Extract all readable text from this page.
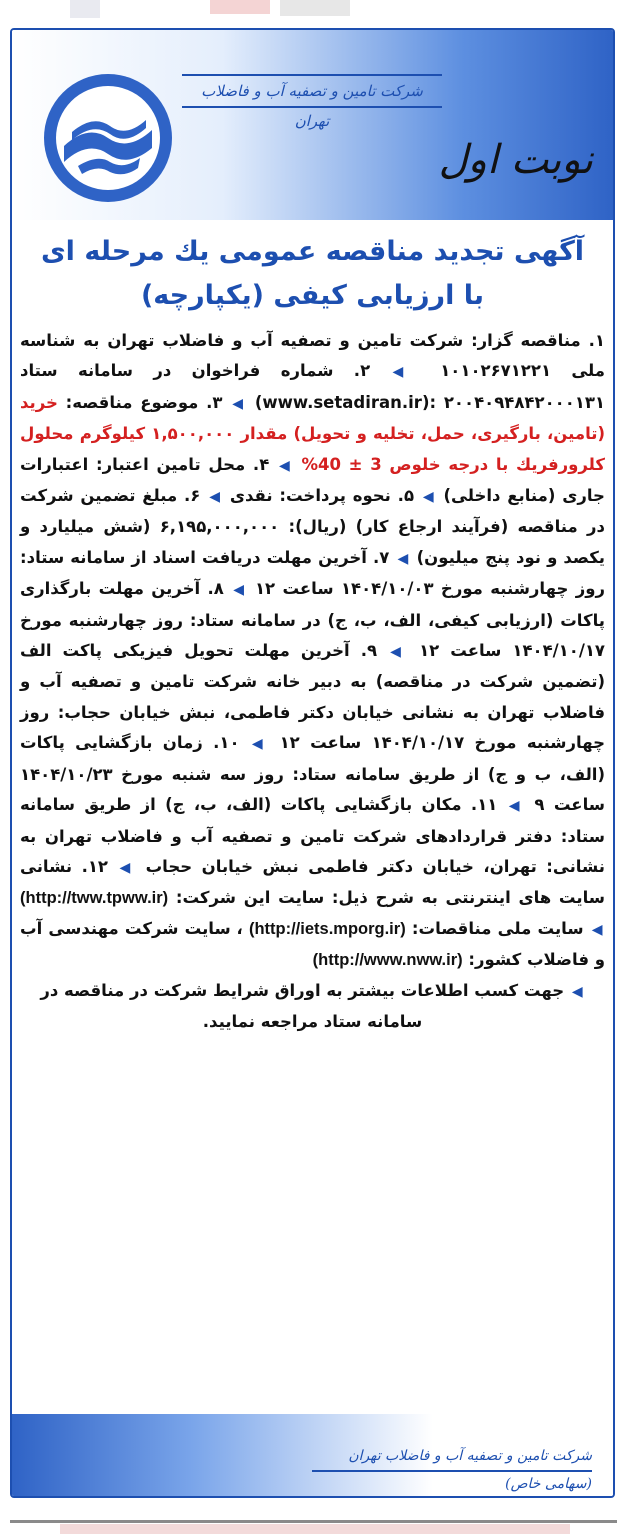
شرکت تامین و تصفیه آب و فاضلاب تهران
نوبت اول
آگهی تجدید مناقصه عمومی یك مرحله ای
با ارزیابی کیفی (یکپارچه)

۱. مناقصه گزار: شرکت تامین و تصفیه آب و فاضلاب تهران به شناسه ملی ۱۰۱۰۲۶۷۱۲۲۱ ◀ ۲. شماره فراخوان در سامانه ستاد ۲۰۰۴۰۹۴۸۴۲۰۰۰۱۳۱ :(www.setadiran.ir) ◀ ۳. موضوع مناقصه: خرید (تامین، بارگیری، حمل، تخلیه و تحویل) مقدار ۱,۵۰۰,۰۰۰ کیلوگرم محلول کلرورفریك با درجه خلوص 3 ± 40% ◀ ۴. محل تامین اعتبار: اعتبارات جاری (منابع داخلی) ◀ ۵. نحوه پرداخت: نقدی ◀ ۶. مبلغ تضمین شرکت در مناقصه (فرآیند ارجاع کار) (ریال): ۶,۱۹۵,۰۰۰,۰۰۰ (شش میلیارد و یکصد و نود پنج میلیون) ◀ ۷. آخرین مهلت دریافت اسناد از سامانه ستاد: روز چهارشنبه مورخ ۱۴۰۴/۱۰/۰۳ ساعت ۱۲ ◀ ۸. آخرین مهلت بارگذاری پاکات (ارزیابی کیفی، الف، ب، ج) در سامانه ستاد: روز چهارشنبه مورخ ۱۴۰۴/۱۰/۱۷ ساعت ۱۲ ◀ ۹. آخرین مهلت تحویل فیزیکی پاکت الف (تضمین شرکت در مناقصه) به دبیر خانه شرکت تامین و تصفیه آب و فاضلاب تهران به نشانی خیابان دکتر فاطمی، نبش خیابان حجاب: روز چهارشنبه مورخ ۱۴۰۴/۱۰/۱۷ ساعت ۱۲ ◀ ۱۰. زمان بازگشایی پاکات (الف، ب و ج) از طریق سامانه ستاد: روز سه شنبه مورخ ۱۴۰۴/۱۰/۲۳ ساعت ۹ ◀ ۱۱. مکان بازگشایی پاکات (الف، ب، ج) از طریق سامانه ستاد: دفتر قراردادهای شرکت تامین و تصفیه آب و فاضلاب تهران به نشانی: تهران، خیابان دکتر فاطمی نبش خیابان حجاب ◀ ۱۲. نشانی سایت های اینترنتی به شرح ذیل: سایت این شرکت: (http://tww.tpww.ir) ◀ سایت ملی مناقصات: (http://iets.mporg.ir) ، سایت شرکت مهندسی آب و فاضلاب کشور: (http://www.nww.ir)

◀ جهت کسب اطلاعات بیشتر به اوراق شرایط شرکت در مناقصه در سامانه ستاد مراجعه نمایید.

شرکت تامین و تصفیه آب و فاضلاب تهران (سهامی خاص)
